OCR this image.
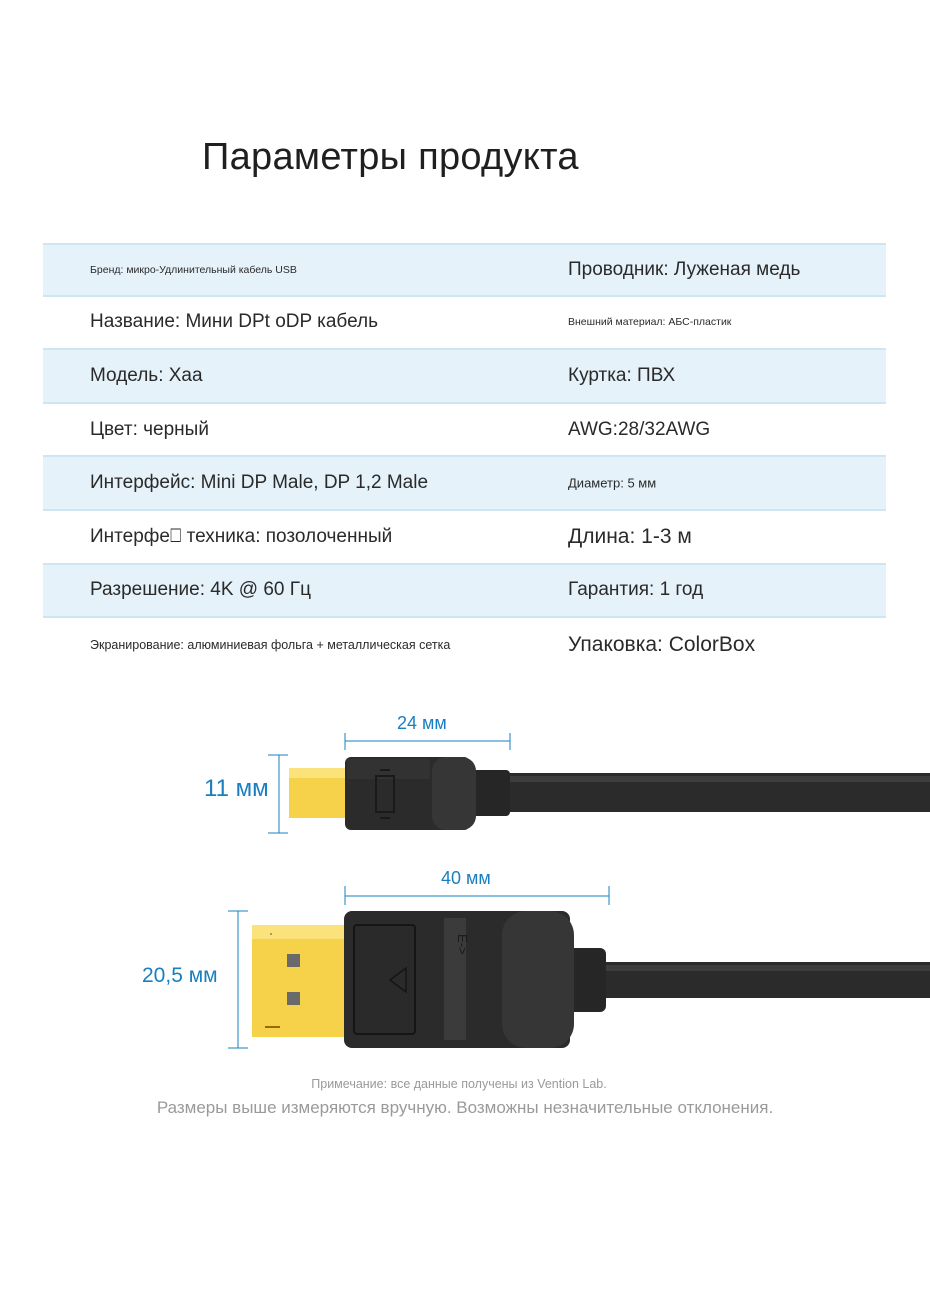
Параметры продукта
Бренд: микро-Удлинительный кабель USB	Проводник: Луженая медь
Название: Мини DPt oDP кабель	Внешний материал: АБС-пластик
Модель: Хаа	Куртка: ПВХ
Цвет: черный	AWG:28/32AWG
Интерфейс: Mini DP Male, DP 1,2 Male	Диаметр: 5 мм
Интерфе⎕ техника: позолоченный	Длина: 1-3 м
Разрешение: 4K @ 60 Гц	Гарантия: 1 год
Экранирование: алюминиевая фольга + металлическая сетка	Упаковка: ColorBox
E->
24 мм
11 мм
40 мм
20,5 мм
Примечание: все данные получены из Vention Lab.
Размеры выше измеряются вручную. Возможны незначительные отклонения.
